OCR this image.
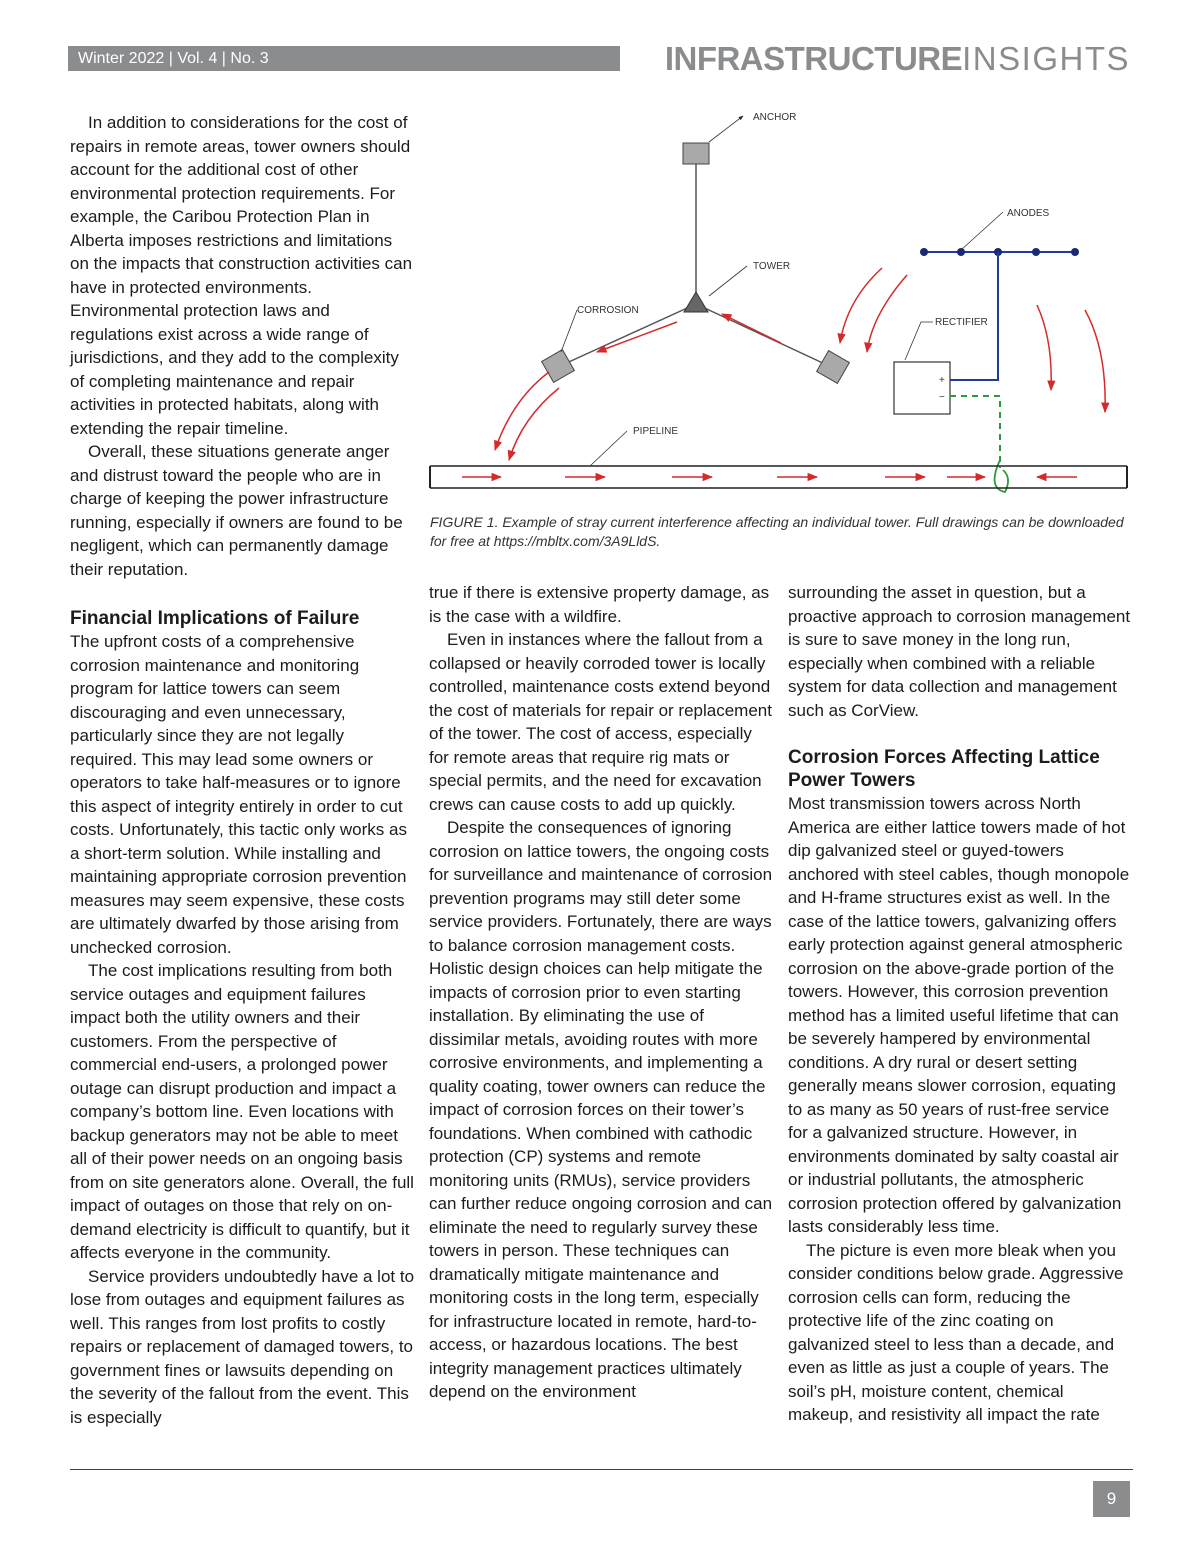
Winter 2022 | Vol. 4 | No. 3	INFRASTRUCTUREINSIGHTS

In addition to considerations for the cost of repairs in remote areas, tower owners should account for the additional cost of other environmental protection requirements. For example, the Caribou Protection Plan in Alberta imposes restrictions and limitations on the impacts that construction activities can have in protected environments. Environmental protection laws and regulations exist across a wide range of jurisdictions, and they add to the complexity of completing maintenance and repair activities in protected habitats, along with extending the repair timeline.

Overall, these situations generate anger and distrust toward the people who are in charge of keeping the power infrastructure running, especially if owners are found to be negligent, which can permanently damage their reputation.

Financial Implications of Failure

The upfront costs of a comprehensive corrosion maintenance and monitoring program for lattice towers can seem discouraging and even unnecessary, particularly since they are not legally required. This may lead some owners or operators to take half-measures or to ignore this aspect of integrity entirely in order to cut costs. Unfortunately, this tactic only works as a short-term solution. While installing and maintaining appropriate corrosion prevention measures may seem expensive, these costs are ultimately dwarfed by those arising from unchecked corrosion.

The cost implications resulting from both service outages and equipment failures impact both the utility owners and their customers. From the perspective of commercial end-users, a prolonged power outage can disrupt production and impact a company’s bottom line. Even locations with backup generators may not be able to meet all of their power needs on an ongoing basis from on site generators alone. Overall, the full impact of outages on those that rely on on-demand electricity is difficult to quantify, but it affects everyone in the community.

Service providers undoubtedly have a lot to lose from outages and equipment failures as well. This ranges from lost profits to costly repairs or replacement of damaged towers, to government fines or lawsuits depending on the severity of the fallout from the event. This is especially

+
−
ANCHOR
ANODES
TOWER
CORROSION
RECTIFIER
PIPELINE
FIGURE 1. Example of stray current interference affecting an individual tower. Full drawings can be downloaded for free at https://mbltx.com/3A9LldS.

true if there is extensive property damage, as is the case with a wildfire.

Even in instances where the fallout from a collapsed or heavily corroded tower is locally controlled, maintenance costs extend beyond the cost of materials for repair or replacement of the tower. The cost of access, especially for remote areas that require rig mats or special permits, and the need for excavation crews can cause costs to add up quickly.

Despite the consequences of ignoring corrosion on lattice towers, the ongoing costs for surveillance and maintenance of corrosion prevention programs may still deter some service providers. Fortunately, there are ways to balance corrosion management costs. Holistic design choices can help mitigate the impacts of corrosion prior to even starting installation. By eliminating the use of dissimilar metals, avoiding routes with more corrosive environments, and implementing a quality coating, tower owners can reduce the impact of corrosion forces on their tower’s foundations. When combined with cathodic protection (CP) systems and remote monitoring units (RMUs), service providers can further reduce ongoing corrosion and can eliminate the need to regularly survey these towers in person. These techniques can dramatically mitigate maintenance and monitoring costs in the long term, especially for infrastructure located in remote, hard-to-access, or hazardous locations. The best integrity management practices ultimately depend on the environment

surrounding the asset in question, but a proactive approach to corrosion management is sure to save money in the long run, especially when combined with a reliable system for data collection and management such as CorView.

Corrosion Forces Affecting Lattice Power Towers

Most transmission towers across North America are either lattice towers made of hot dip galvanized steel or guyed-towers anchored with steel cables, though monopole and H-frame structures exist as well. In the case of the lattice towers, galvanizing offers early protection against general atmospheric corrosion on the above-grade portion of the towers. However, this corrosion prevention method has a limited useful lifetime that can be severely hampered by environmental conditions. A dry rural or desert setting generally means slower corrosion, equating to as many as 50 years of rust-free service for a galvanized structure. However, in environments dominated by salty coastal air or industrial pollutants, the atmospheric corrosion protection offered by galvanization lasts considerably less time.

The picture is even more bleak when you consider conditions below grade. Aggressive corrosion cells can form, reducing the protective life of the zinc coating on galvanized steel to less than a decade, and even as little as just a couple of years. The soil’s pH, moisture content, chemical makeup, and resistivity all impact the rate

9
